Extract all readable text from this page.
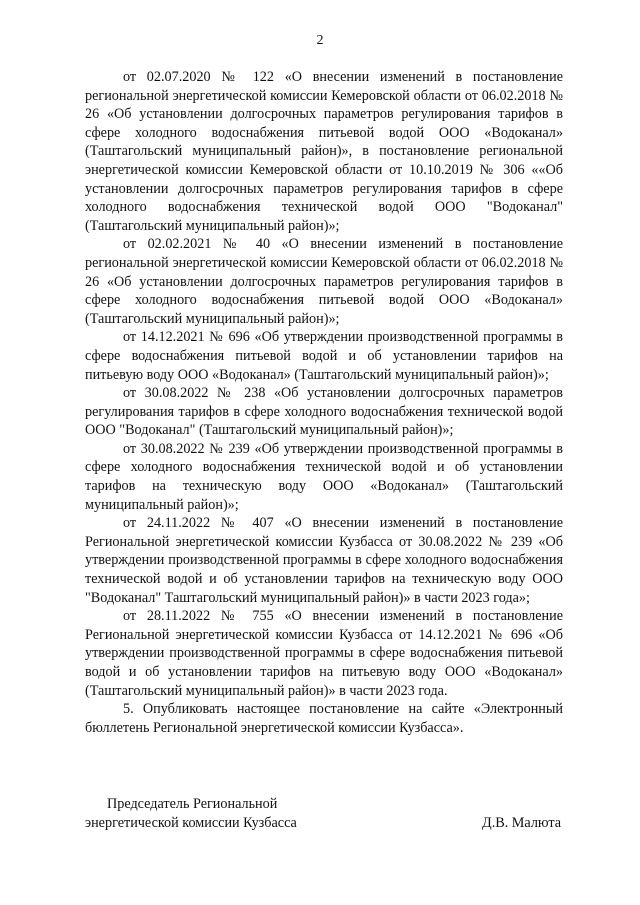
2

от 02.07.2020 № 122 «О внесении изменений в постановление региональной энергетической комиссии Кемеровской области от 06.02.2018 № 26 «Об установлении долгосрочных параметров регулирования тарифов в сфере холодного водоснабжения питьевой водой ООО «Водоканал» (Таштагольский муниципальный район)», в постановление региональной энергетической комиссии Кемеровской области от 10.10.2019 № 306 ««Об установлении долгосрочных параметров регулирования тарифов в сфере холодного водоснабжения технической водой ООО "Водоканал" (Таштагольский муниципальный район)»;

от 02.02.2021 № 40 «О внесении изменений в постановление региональной энергетической комиссии Кемеровской области от 06.02.2018 № 26 «Об установлении долгосрочных параметров регулирования тарифов в сфере холодного водоснабжения питьевой водой ООО «Водоканал» (Таштагольский муниципальный район)»;

от 14.12.2021 № 696 «Об утверждении производственной программы в сфере водоснабжения питьевой водой и об установлении тарифов на питьевую воду ООО «Водоканал» (Таштагольский муниципальный район)»;

от 30.08.2022 № 238 «Об установлении долгосрочных параметров регулирования тарифов в сфере холодного водоснабжения технической водой ООО "Водоканал" (Таштагольский муниципальный район)»;

от 30.08.2022 № 239 «Об утверждении производственной программы в сфере холодного водоснабжения технической водой и об установлении тарифов на техническую воду ООО «Водоканал» (Таштагольский муниципальный район)»;

от 24.11.2022 № 407 «О внесении изменений в постановление Региональной энергетической комиссии Кузбасса от 30.08.2022 № 239 «Об утверждении производственной программы в сфере холодного водоснабжения технической водой и об установлении тарифов на техническую воду ООО "Водоканал" Таштагольский муниципальный район)» в части 2023 года»;

от 28.11.2022 № 755 «О внесении изменений в постановление Региональной энергетической комиссии Кузбасса от 14.12.2021 № 696 «Об утверждении производственной программы в сфере водоснабжения питьевой водой и об установлении тарифов на питьевую воду ООО «Водоканал» (Таштагольский муниципальный район)» в части 2023 года.

5. Опубликовать настоящее постановление на сайте «Электронный бюллетень Региональной энергетической комиссии Кузбасса».

Председатель Региональной
энергетической комиссии Кузбасса	Д.В. Малюта
